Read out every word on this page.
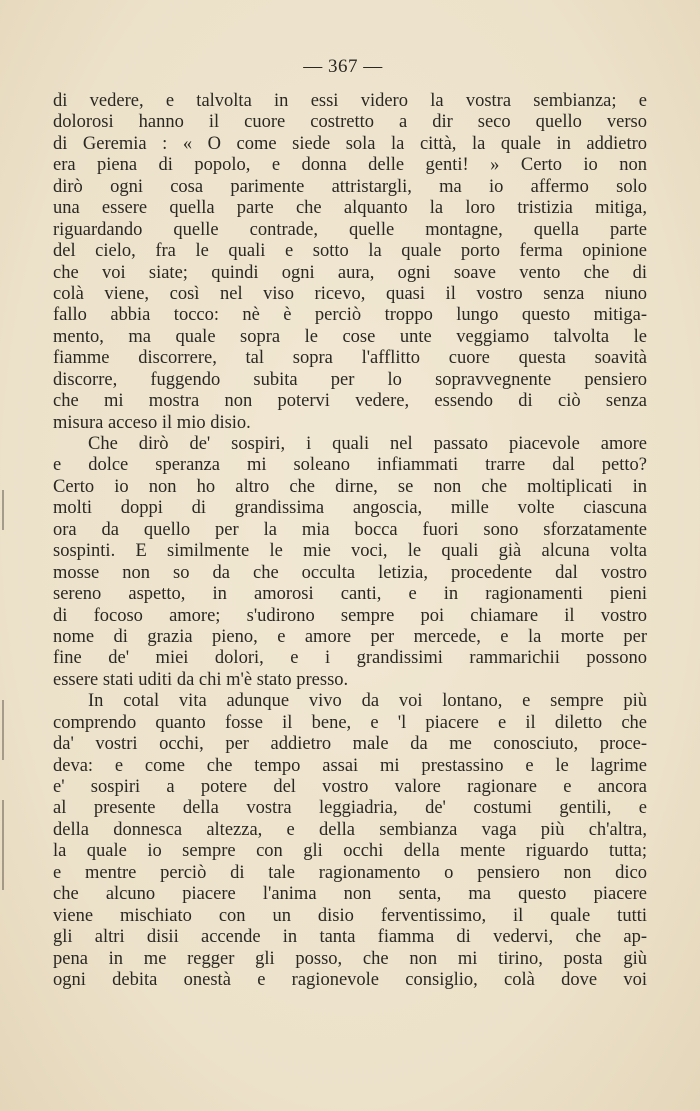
— 367 —
di vedere, e talvolta in essi videro la vostra sembianza; e
dolorosi hanno il cuore costretto a dir seco quello verso
di Geremia : « O come siede sola la città, la quale in addietro
era piena di popolo, e donna delle genti! » Certo io non
dirò ogni cosa parimente attristargli, ma io affermo solo
una essere quella parte che alquanto la loro tristizia mitiga,
riguardando quelle contrade, quelle montagne, quella parte
del cielo, fra le quali e sotto la quale porto ferma opinione
che voi siate; quindi ogni aura, ogni soave vento che di
colà viene, così nel viso ricevo, quasi il vostro senza niuno
fallo abbia tocco: nè è perciò troppo lungo questo mitiga-
mento, ma quale sopra le cose unte veggiamo talvolta le
fiamme discorrere, tal sopra l'afflitto cuore questa soavità
discorre, fuggendo subita per lo sopravvegnente pensiero
che mi mostra non potervi vedere, essendo di ciò senza
misura acceso il mio disio.
Che dirò de' sospiri, i quali nel passato piacevole amore
e dolce speranza mi soleano infiammati trarre dal petto?
Certo io non ho altro che dirne, se non che moltiplicati in
molti doppi di grandissima angoscia, mille volte ciascuna
ora da quello per la mia bocca fuori sono sforzatamente
sospinti. E similmente le mie voci, le quali già alcuna volta
mosse non so da che occulta letizia, procedente dal vostro
sereno aspetto, in amorosi canti, e in ragionamenti pieni
di focoso amore; s'udirono sempre poi chiamare il vostro
nome di grazia pieno, e amore per mercede, e la morte per
fine de' miei dolori, e i grandissimi rammarichii possono
essere stati uditi da chi m'è stato presso.
In cotal vita adunque vivo da voi lontano, e sempre più
comprendo quanto fosse il bene, e 'l piacere e il diletto che
da' vostri occhi, per addietro male da me conosciuto, proce-
deva: e come che tempo assai mi prestassino e le lagrime
e' sospiri a potere del vostro valore ragionare e ancora
al presente della vostra leggiadria, de' costumi gentili, e
della donnesca altezza, e della sembianza vaga più ch'altra,
la quale io sempre con gli occhi della mente riguardo tutta;
e mentre perciò di tale ragionamento o pensiero non dico
che alcuno piacere l'anima non senta, ma questo piacere
viene mischiato con un disio ferventissimo, il quale tutti
gli altri disii accende in tanta fiamma di vedervi, che ap-
pena in me regger gli posso, che non mi tirino, posta giù
ogni debita onestà e ragionevole consiglio, colà dove voi
